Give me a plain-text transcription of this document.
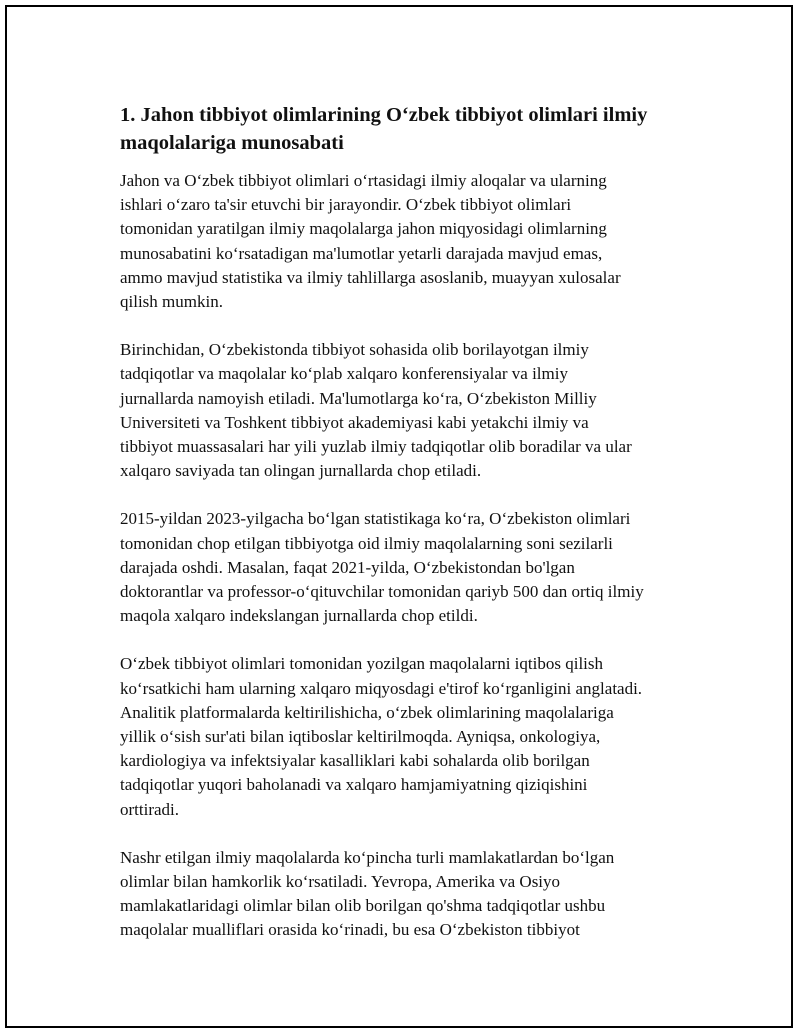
1. Jahon tibbiyot olimlarining O‘zbek tibbiyot olimlari ilmiy
maqolalariga munosabati

Jahon va O‘zbek tibbiyot olimlari o‘rtasidagi ilmiy aloqalar va ularning
ishlari o‘zaro ta'sir etuvchi bir jarayondir. O‘zbek tibbiyot olimlari
tomonidan yaratilgan ilmiy maqolalarga jahon miqyosidagi olimlarning
munosabatini ko‘rsatadigan ma'lumotlar yetarli darajada mavjud emas,
ammo mavjud statistika va ilmiy tahlillarga asoslanib, muayyan xulosalar
qilish mumkin.

Birinchidan, O‘zbekistonda tibbiyot sohasida olib borilayotgan ilmiy
tadqiqotlar va maqolalar ko‘plab xalqaro konferensiyalar va ilmiy
jurnallarda namoyish etiladi. Ma'lumotlarga ko‘ra, O‘zbekiston Milliy
Universiteti va Toshkent tibbiyot akademiyasi kabi yetakchi ilmiy va
tibbiyot muassasalari har yili yuzlab ilmiy tadqiqotlar olib boradilar va ular
xalqaro saviyada tan olingan jurnallarda chop etiladi.

2015-yildan 2023-yilgacha bo‘lgan statistikaga ko‘ra, O‘zbekiston olimlari
tomonidan chop etilgan tibbiyotga oid ilmiy maqolalarning soni sezilarli
darajada oshdi. Masalan, faqat 2021-yilda, O‘zbekistondan bo'lgan
doktorantlar va professor-o‘qituvchilar tomonidan qariyb 500 dan ortiq ilmiy
maqola xalqaro indekslangan jurnallarda chop etildi.

O‘zbek tibbiyot olimlari tomonidan yozilgan maqolalarni iqtibos qilish
ko‘rsatkichi ham ularning xalqaro miqyosdagi e'tirof ko‘rganligini anglatadi.
Analitik platformalarda keltirilishicha, o‘zbek olimlarining maqolalariga
yillik o‘sish sur'ati bilan iqtiboslar keltirilmoqda. Ayniqsa, onkologiya,
kardiologiya va infektsiyalar kasalliklari kabi sohalarda olib borilgan
tadqiqotlar yuqori baholanadi va xalqaro hamjamiyatning qiziqishini
orttiradi.

Nashr etilgan ilmiy maqolalarda ko‘pincha turli mamlakatlardan bo‘lgan
olimlar bilan hamkorlik ko‘rsatiladi. Yevropa, Amerika va Osiyo
mamlakatlaridagi olimlar bilan olib borilgan qo'shma tadqiqotlar ushbu
maqolalar mualliflari orasida ko‘rinadi, bu esa O‘zbekiston tibbiyot
